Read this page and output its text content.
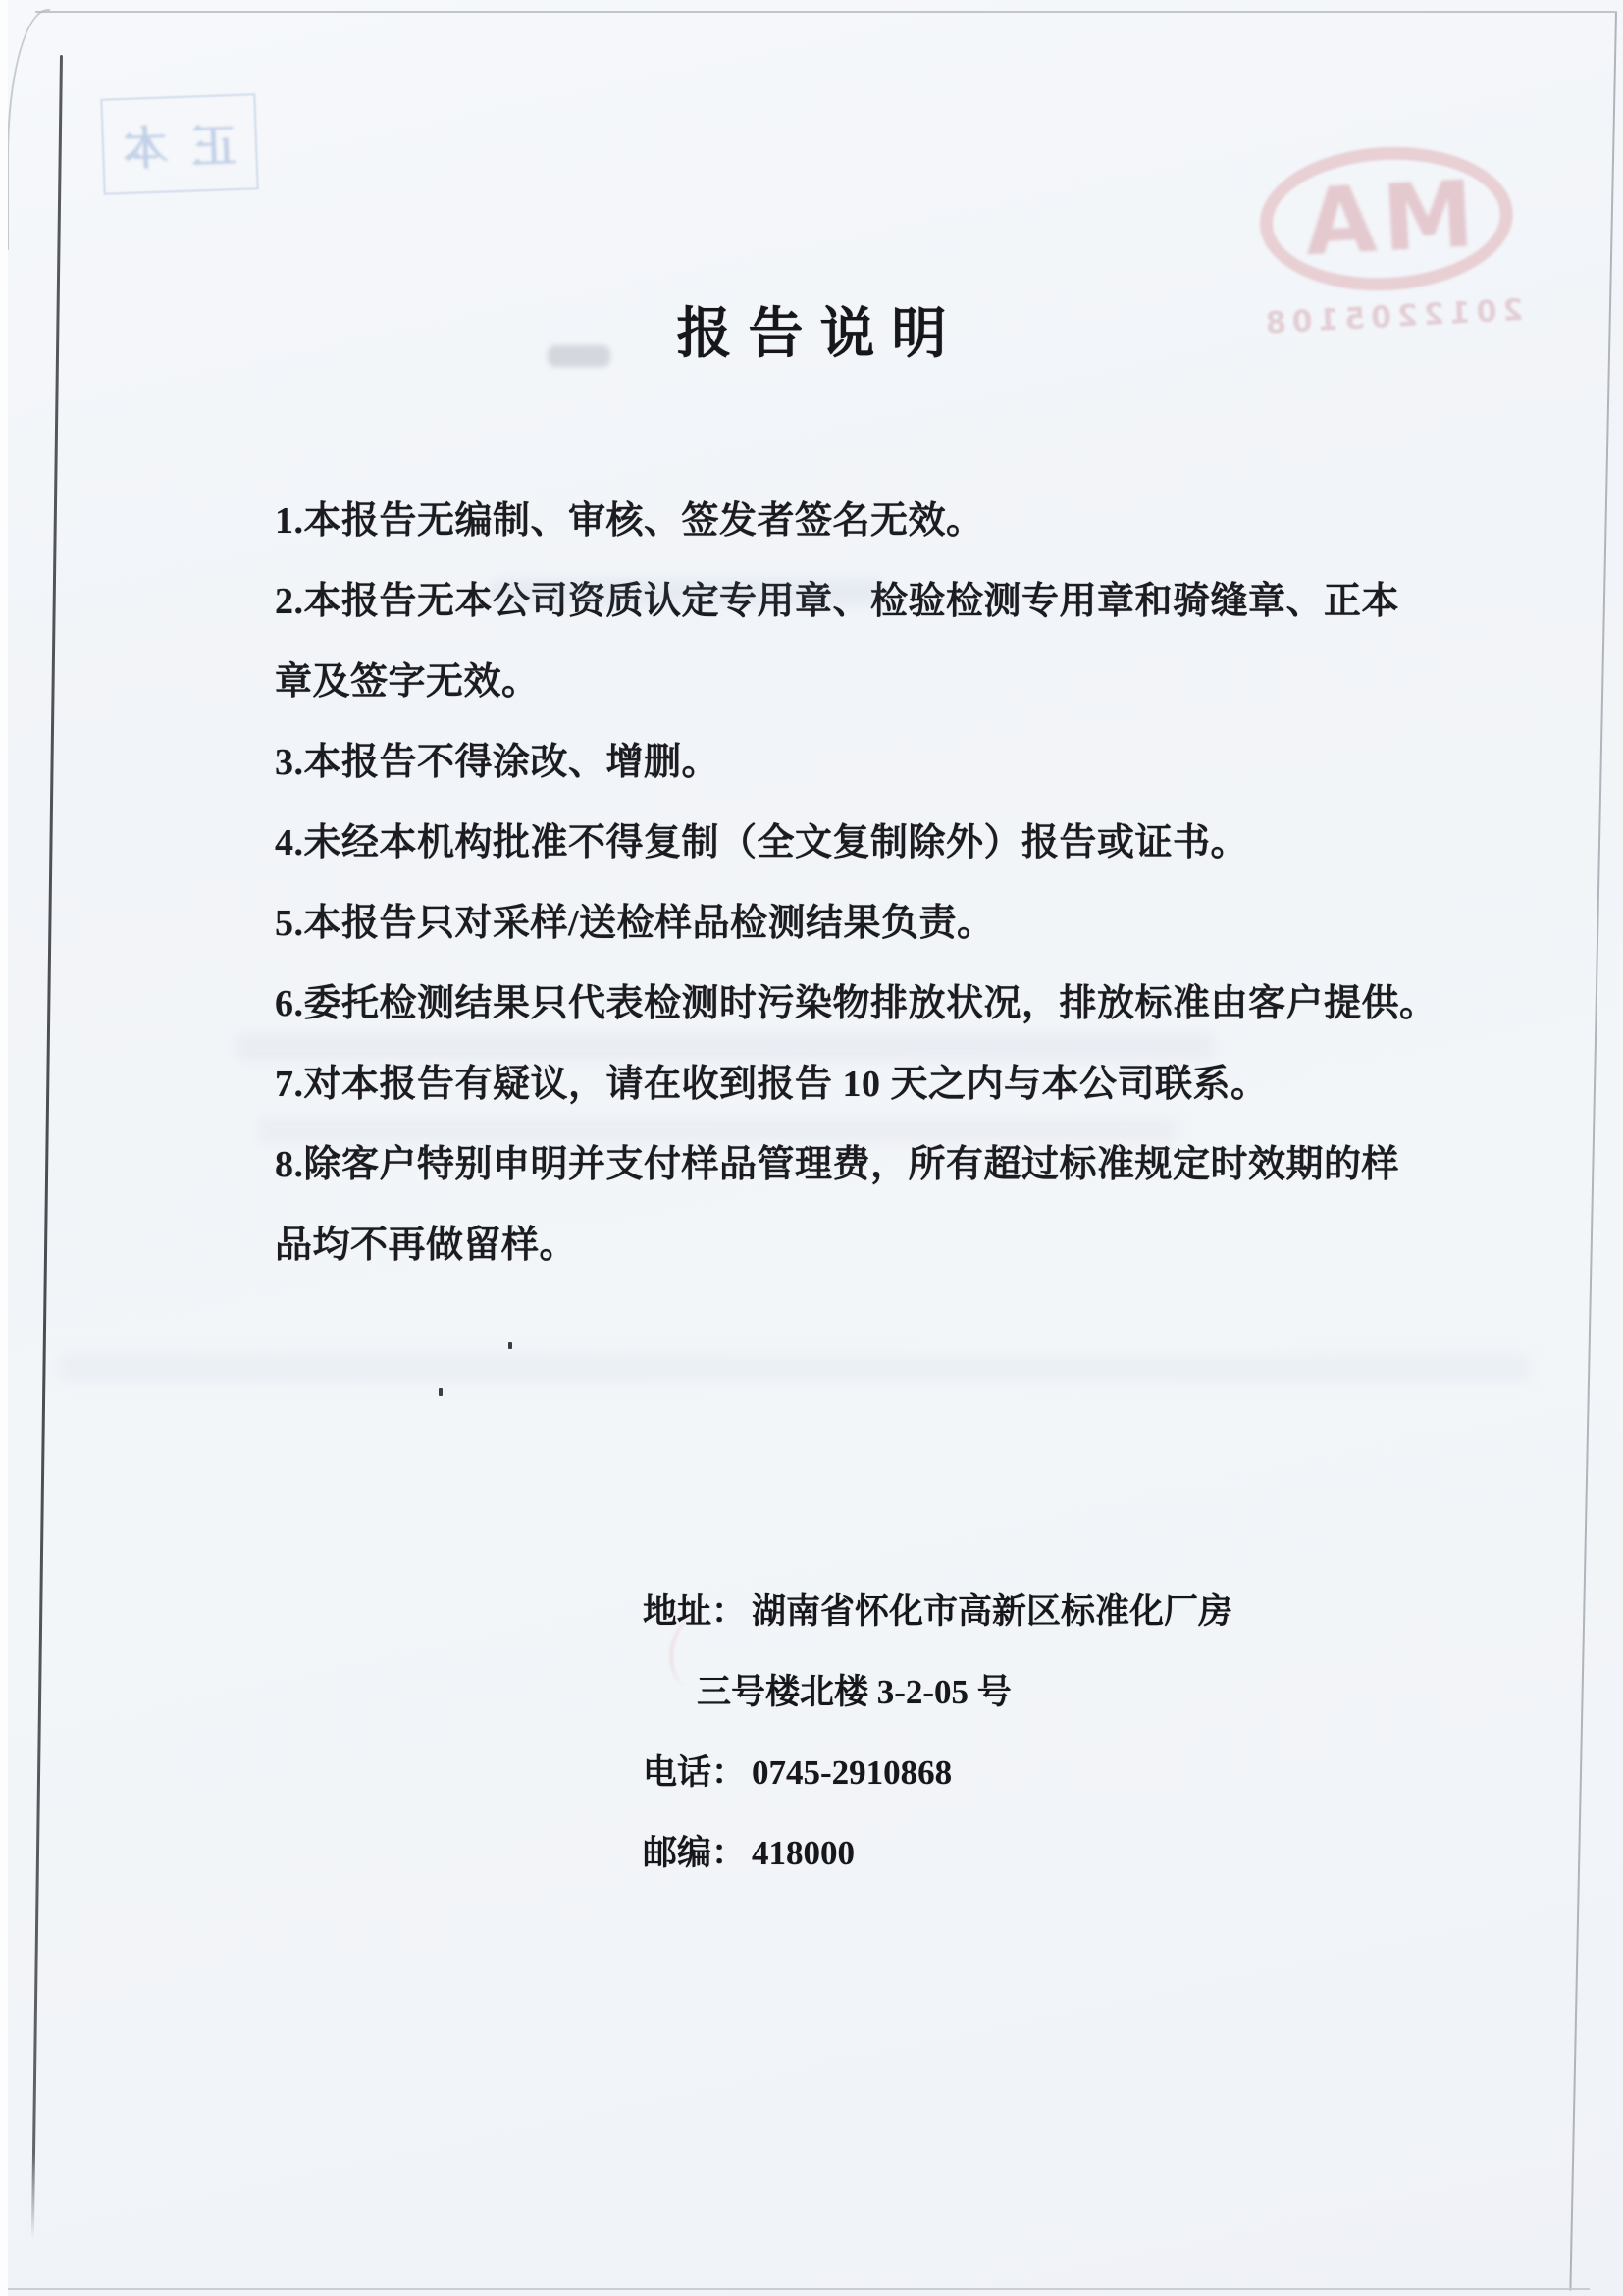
正本
MA
2012205108
报告说明
1.本报告无编制、审核、签发者签名无效。
2.本报告无本公司资质认定专用章、检验检测专用章和骑缝章、正本
章及签字无效。
3.本报告不得涂改、增删。
4.未经本机构批准不得复制（全文复制除外）报告或证书。
5.本报告只对采样/送检样品检测结果负责。
6.委托检测结果只代表检测时污染物排放状况，排放标准由客户提供。
7.对本报告有疑议，请在收到报告 10 天之内与本公司联系。
8.除客户特别申明并支付样品管理费，所有超过标准规定时效期的样
品均不再做留样。
地址： 湖南省怀化市高新区标准化厂房
三号楼北楼 3-2-05 号
电话： 0745-2910868
邮编： 418000
